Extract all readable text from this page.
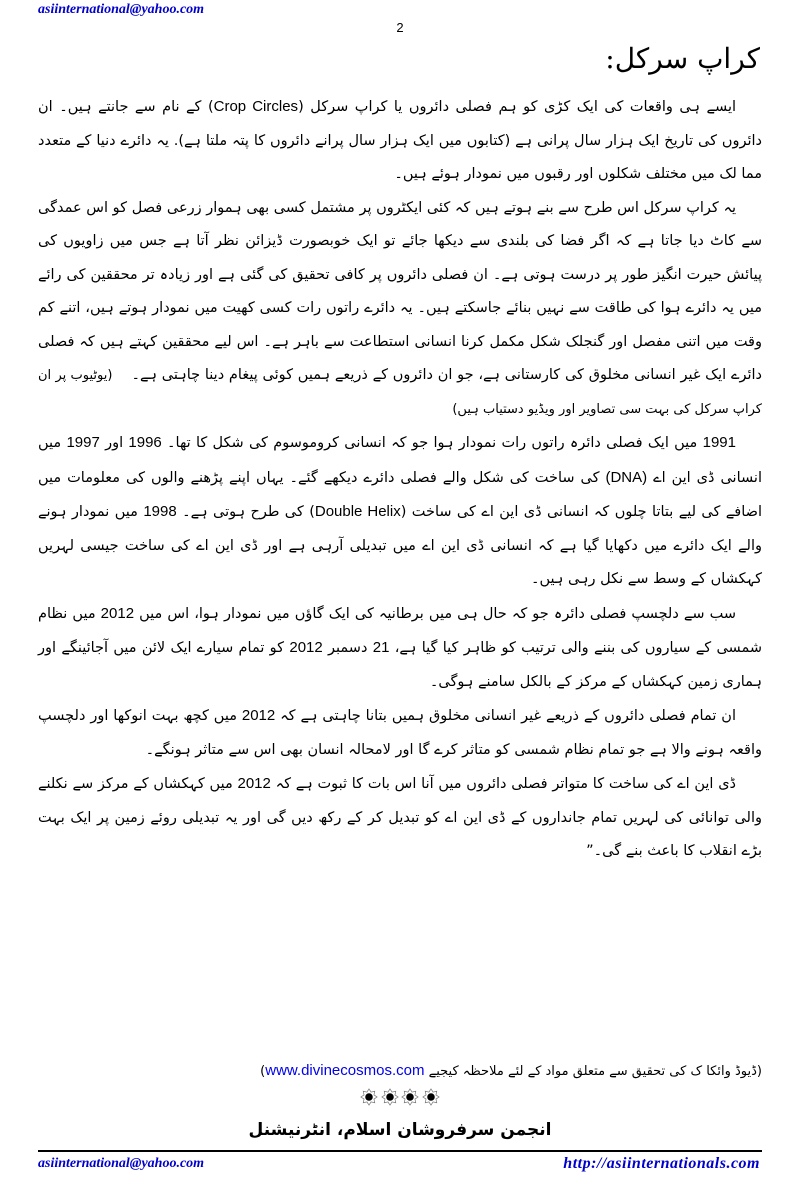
asiinternational@yahoo.com
2
کراپ سرکل:

ایسے ہی واقعات کی ایک کڑی کو ہم فصلی دائروں یا کراپ سرکل (Crop Circles) کے نام سے جانتے ہیں۔ ان دائروں کی تاریخ ایک ہزار سال پرانی ہے (کتابوں میں ایک ہزار سال پرانے دائروں کا پتہ ملتا ہے). یہ دائرے دنیا کے متعدد مما لک میں مختلف شکلوں اور رقبوں میں نمودار ہوئے ہیں۔

یہ کراپ سرکل اس طرح سے بنے ہوتے ہیں کہ کئی ایکٹروں پر مشتمل کسی بھی ہموار زرعی فصل کو اس عمدگی سے کاٹ دیا جاتا ہے کہ اگر فضا کی بلندی سے دیکھا جائے تو ایک خوبصورت ڈیزائن نظر آتا ہے جس میں زاویوں کی پیائش حیرت انگیز طور پر درست ہوتی ہے۔ ان فصلی دائروں پر کافی تحقیق کی گئی ہے اور زیادہ تر محققین کی رائے میں یہ دائرے ہوا کی طاقت سے نہیں بنائے جاسکتے ہیں۔ یہ دائرے راتوں رات کسی کھیت میں نمودار ہوتے ہیں، اتنے کم وقت میں اتنی مفصل اور گنجلک شکل مکمل کرنا انسانی استطاعت سے باہر ہے۔ اس لیے محققین کہتے ہیں کہ فصلی دائرے ایک غیر انسانی مخلوق کی کارستانی ہے، جو ان دائروں کے ذریعے ہمیں کوئی پیغام دینا چاہتی ہے۔    (یوٹیوب پر ان کراپ سرکل کی بہت سی تصاویر اور ویڈیو دستیاب ہیں)

1991 میں ایک فصلی دائرہ راتوں رات نمودار ہوا جو کہ انسانی کروموسوم کی شکل کا تھا۔ 1996 اور 1997 میں انسانی ڈی این اے (DNA) کی ساخت کی شکل والے فصلی دائرے دیکھے گئے۔ یہاں اپنے پڑھنے والوں کی معلومات میں اضافے کی لیے بتاتا چلوں کہ انسانی ڈی این اے کی ساخت (Double Helix) کی طرح ہوتی ہے۔ 1998 میں نمودار ہونے والے ایک دائرے میں دکھایا گیا ہے کہ انسانی ڈی این اے میں تبدیلی آرہی ہے اور ڈی این اے کی ساخت جیسی لہریں کہکشاں کے وسط سے نکل رہی ہیں۔

سب سے دلچسپ فصلی دائرہ جو کہ حال ہی میں برطانیہ کی ایک گاؤں میں نمودار ہوا، اس میں 2012 میں نظام شمسی کے سیاروں کی بننے والی ترتیب کو ظاہر کیا گیا ہے، 21 دسمبر 2012 کو تمام سیارے ایک لائن میں آجائینگے اور ہماری زمین کہکشاں کے مرکز کے بالکل سامنے ہوگی۔

ان تمام فصلی دائروں کے ذریعے غیر انسانی مخلوق ہمیں بتانا چاہتی ہے کہ 2012 میں کچھ بہت انوکھا اور دلچسپ واقعہ ہونے والا ہے جو تمام نظام شمسی کو متاثر کرے گا اور لامحالہ انسان بھی اس سے متاثر ہونگے۔

ڈی این اے کی ساخت کا متواتر فصلی دائروں میں آنا اس بات کا ثبوت ہے کہ 2012 میں کہکشاں کے مرکز سے نکلنے والی توانائی کی لہریں تمام جانداروں کے ڈی این اے کو تبدیل کر کے رکھ دیں گی اور یہ تبدیلی روئے زمین پر ایک بہت بڑے انقلاب کا باعث بنے گی۔”

(ڈیوڈ وائکا ک کی تحقیق سے متعلق مواد کے لئے ملاحظہ کیجیے www.divinecosmos.com)
انجمن سرفروشان اسلام، انٹرنیشنل
asiinternational@yahoo.com	http://asiinternationals.com
